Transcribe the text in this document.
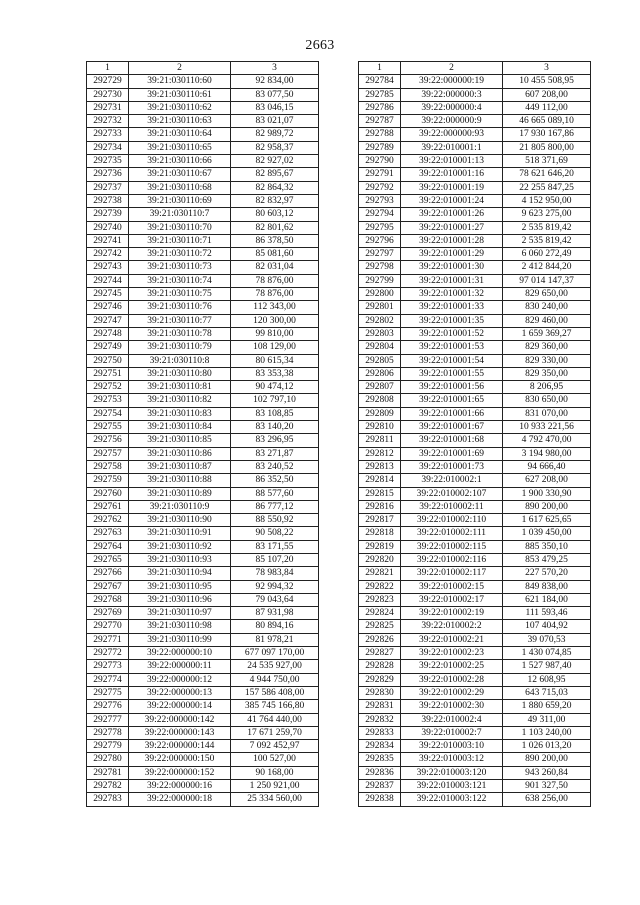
2663
1	2	3
292729	39:21:030110:60	92 834,00
292730	39:21:030110:61	83 077,50
292731	39:21:030110:62	83 046,15
292732	39:21:030110:63	83 021,07
292733	39:21:030110:64	82 989,72
292734	39:21:030110:65	82 958,37
292735	39:21:030110:66	82 927,02
292736	39:21:030110:67	82 895,67
292737	39:21:030110:68	82 864,32
292738	39:21:030110:69	82 832,97
292739	39:21:030110:7	80 603,12
292740	39:21:030110:70	82 801,62
292741	39:21:030110:71	86 378,50
292742	39:21:030110:72	85 081,60
292743	39:21:030110:73	82 031,04
292744	39:21:030110:74	78 876,00
292745	39:21:030110:75	78 876,00
292746	39:21:030110:76	112 343,00
292747	39:21:030110:77	120 300,00
292748	39:21:030110:78	99 810,00
292749	39:21:030110:79	108 129,00
292750	39:21:030110:8	80 615,34
292751	39:21:030110:80	83 353,38
292752	39:21:030110:81	90 474,12
292753	39:21:030110:82	102 797,10
292754	39:21:030110:83	83 108,85
292755	39:21:030110:84	83 140,20
292756	39:21:030110:85	83 296,95
292757	39:21:030110:86	83 271,87
292758	39:21:030110:87	83 240,52
292759	39:21:030110:88	86 352,50
292760	39:21:030110:89	88 577,60
292761	39:21:030110:9	86 777,12
292762	39:21:030110:90	88 550,92
292763	39:21:030110:91	90 508,22
292764	39:21:030110:92	83 171,55
292765	39:21:030110:93	85 107,20
292766	39:21:030110:94	78 983,84
292767	39:21:030110:95	92 994,32
292768	39:21:030110:96	79 043,64
292769	39:21:030110:97	87 931,98
292770	39:21:030110:98	80 894,16
292771	39:21:030110:99	81 978,21
292772	39:22:000000:10	677 097 170,00
292773	39:22:000000:11	24 535 927,00
292774	39:22:000000:12	4 944 750,00
292775	39:22:000000:13	157 586 408,00
292776	39:22:000000:14	385 745 166,80
292777	39:22:000000:142	41 764 440,00
292778	39:22:000000:143	17 671 259,70
292779	39:22:000000:144	7 092 452,97
292780	39:22:000000:150	100 527,00
292781	39:22:000000:152	90 168,00
292782	39:22:000000:16	1 250 921,00
292783	39:22:000000:18	25 334 560,00
1	2	3
292784	39:22:000000:19	10 455 508,95
292785	39:22:000000:3	607 208,00
292786	39:22:000000:4	449 112,00
292787	39:22:000000:9	46 665 089,10
292788	39:22:000000:93	17 930 167,86
292789	39:22:010001:1	21 805 800,00
292790	39:22:010001:13	518 371,69
292791	39:22:010001:16	78 621 646,20
292792	39:22:010001:19	22 255 847,25
292793	39:22:010001:24	4 152 950,00
292794	39:22:010001:26	9 623 275,00
292795	39:22:010001:27	2 535 819,42
292796	39:22:010001:28	2 535 819,42
292797	39:22:010001:29	6 060 272,49
292798	39:22:010001:30	2 412 844,20
292799	39:22:010001:31	97 014 147,37
292800	39:22:010001:32	829 650,00
292801	39:22:010001:33	830 240,00
292802	39:22:010001:35	829 460,00
292803	39:22:010001:52	1 659 369,27
292804	39:22:010001:53	829 360,00
292805	39:22:010001:54	829 330,00
292806	39:22:010001:55	829 350,00
292807	39:22:010001:56	8 206,95
292808	39:22:010001:65	830 650,00
292809	39:22:010001:66	831 070,00
292810	39:22:010001:67	10 933 221,56
292811	39:22:010001:68	4 792 470,00
292812	39:22:010001:69	3 194 980,00
292813	39:22:010001:73	94 666,40
292814	39:22:010002:1	627 208,00
292815	39:22:010002:107	1 900 330,90
292816	39:22:010002:11	890 200,00
292817	39:22:010002:110	1 617 625,65
292818	39:22:010002:111	1 039 450,00
292819	39:22:010002:115	885 350,10
292820	39:22:010002:116	853 479,25
292821	39:22:010002:117	227 570,20
292822	39:22:010002:15	849 838,00
292823	39:22:010002:17	621 184,00
292824	39:22:010002:19	111 593,46
292825	39:22:010002:2	107 404,92
292826	39:22:010002:21	39 070,53
292827	39:22:010002:23	1 430 074,85
292828	39:22:010002:25	1 527 987,40
292829	39:22:010002:28	12 608,95
292830	39:22:010002:29	643 715,03
292831	39:22:010002:30	1 880 659,20
292832	39:22:010002:4	49 311,00
292833	39:22:010002:7	1 103 240,00
292834	39:22:010003:10	1 026 013,20
292835	39:22:010003:12	890 200,00
292836	39:22:010003:120	943 260,84
292837	39:22:010003:121	901 327,50
292838	39:22:010003:122	638 256,00
